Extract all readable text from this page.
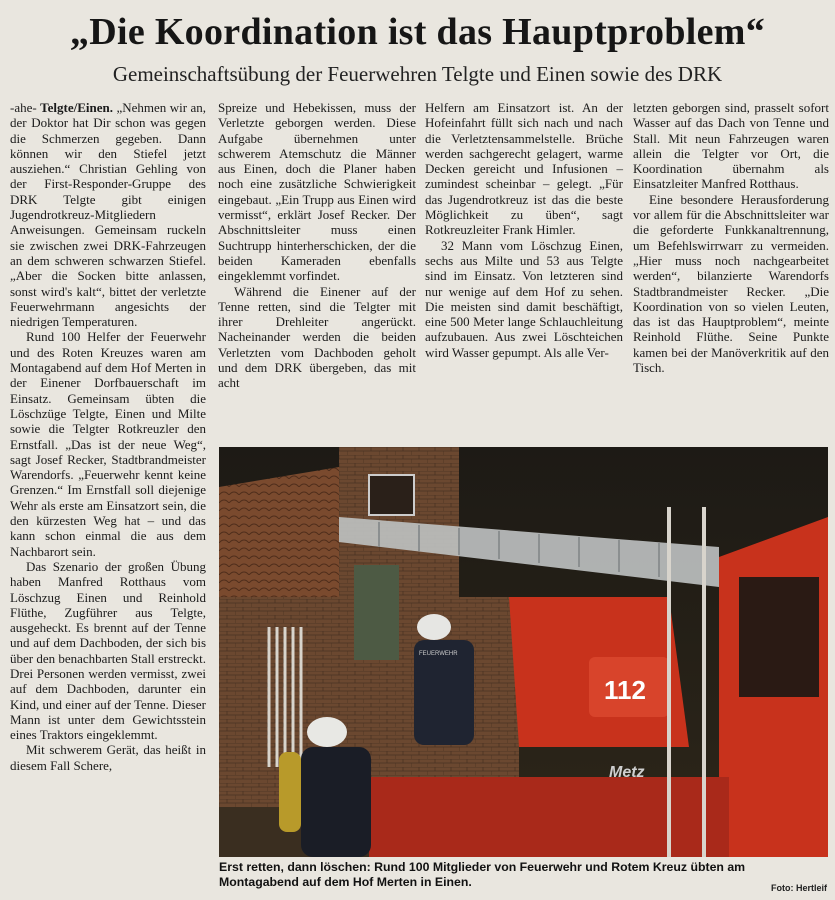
„Die Koordination ist das Hauptproblem“
Gemeinschaftsübung der Feuerwehren Telgte und Einen sowie des DRK

-ahe- Telgte/Einen. „Nehmen wir an, der Doktor hat Dir schon was gegen die Schmerzen gegeben. Dann können wir den Stiefel jetzt ausziehen.“ Christian Gehling von der First-Responder-Gruppe des DRK Telgte gibt einigen Jugendrotkreuz-Mitgliedern Anweisungen. Gemeinsam ruckeln sie zwischen zwei DRK-Fahrzeugen an dem schweren schwarzen Stiefel. „Aber die Socken bitte anlassen, sonst wird's kalt“, bittet der verletzte Feuerwehrmann angesichts der niedrigen Temperaturen.

Rund 100 Helfer der Feuerwehr und des Roten Kreuzes waren am Montagabend auf dem Hof Merten in der Einener Dorfbauerschaft im Einsatz. Gemeinsam übten die Löschzüge Telgte, Einen und Milte sowie die Telgter Rotkreuzler den Ernstfall. „Das ist der neue Weg“, sagt Josef Recker, Stadtbrandmeister Warendorfs. „Feuerwehr kennt keine Grenzen.“ Im Ernstfall soll diejenige Wehr als erste am Einsatzort sein, die den kürzesten Weg hat – und das kann schon einmal die aus dem Nachbarort sein.

Das Szenario der großen Übung haben Manfred Rotthaus vom Löschzug Einen und Reinhold Flüthe, Zugführer aus Telgte, ausgeheckt. Es brennt auf der Tenne und auf dem Dachboden, der sich bis über den benachbarten Stall erstreckt. Drei Personen werden vermisst, zwei auf dem Dachboden, darunter ein Kind, und einer auf der Tenne. Dieser Mann ist unter dem Gewichtsstein eines Traktors eingeklemmt.

Mit schwerem Gerät, das heißt in diesem Fall Schere,

Spreize und Hebekissen, muss der Verletzte geborgen werden. Diese Aufgabe übernehmen unter schwerem Atemschutz die Männer aus Einen, doch die Planer haben noch eine zusätzliche Schwierigkeit eingebaut. „Ein Trupp aus Einen wird vermisst“, erklärt Josef Recker. Der Abschnittsleiter muss einen Suchtrupp hinterherschicken, der die beiden Kameraden ebenfalls eingeklemmt vorfindet.

Während die Einener auf der Tenne retten, sind die Telgter mit ihrer Drehleiter angerückt. Nacheinander werden die beiden Verletzten vom Dachboden geholt und dem DRK übergeben, das mit acht

Helfern am Einsatzort ist. An der Hofeinfahrt füllt sich nach und nach die Verletztensammelstelle. Brüche werden sachgerecht gelagert, warme Decken gereicht und Infusionen – zumindest scheinbar – gelegt. „Für das Jugendrotkreuz ist das die beste Möglichkeit zu üben“, sagt Rotkreuzleiter Frank Himler.

32 Mann vom Löschzug Einen, sechs aus Milte und 53 aus Telgte sind im Einsatz. Von letzteren sind nur wenige auf dem Hof zu sehen. Die meisten sind damit beschäftigt, eine 500 Meter lange Schlauchleitung aufzubauen. Aus zwei Löschteichen wird Wasser gepumpt. Als alle Ver-

letzten geborgen sind, prasselt sofort Wasser auf das Dach von Tenne und Stall. Mit neun Fahrzeugen waren allein die Telgter vor Ort, die Koordination übernahm als Einsatzleiter Manfred Rotthaus.

Eine besondere Herausforderung vor allem für die Abschnittsleiter war die geforderte Funkkanaltrennung, um Befehlswirrwarr zu vermeiden. „Hier muss noch nachgearbeitet werden“, bilanzierte Warendorfs Stadtbrandmeister Recker. „Die Koordination von so vielen Leuten, das ist das Hauptproblem“, meinte Reinhold Flüthe. Seine Punkte kamen bei der Manöverkritik auf den Tisch.

112
Metz
FEUERWEHR
Erst retten, dann löschen: Rund 100 Mitglieder von Feuerwehr und Rotem Kreuz übten am Montagabend auf dem Hof Merten in Einen.	Foto: Hertleif
